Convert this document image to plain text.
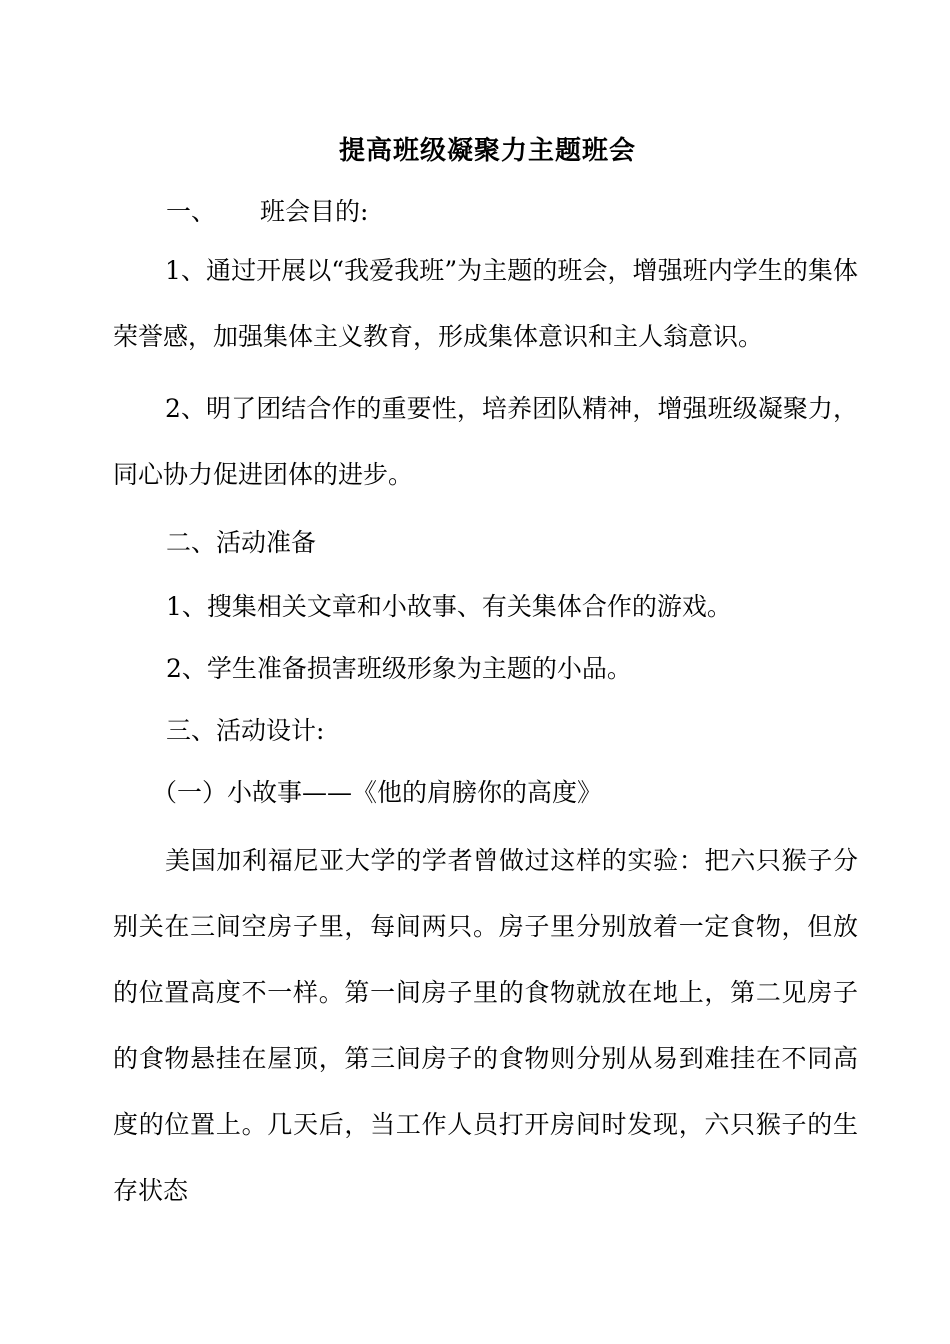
提高班级凝聚力主题班会
一、 班会目的:
1、通过开展以“我爱我班”为主题的班会，增强班内学生的集体荣誉感，加强集体主义教育，形成集体意识和主人翁意识。
2、明了团结合作的重要性，培养团队精神，增强班级凝聚力，同心协力促进团体的进步。
二、活动准备
1、搜集相关文章和小故事、有关集体合作的游戏。
2、学生准备损害班级形象为主题的小品。
三、活动设计:
（一）小故事——《他的肩膀你的高度》
美国加利福尼亚大学的学者曾做过这样的实验：把六只猴子分别关在三间空房子里，每间两只。房子里分别放着一定食物，但放的位置高度不一样。第一间房子里的食物就放在地上，第二见房子的食物悬挂在屋顶，第三间房子的食物则分别从易到难挂在不同高度的位置上。几天后，当工作人员打开房间时发现，六只猴子的生存状态
